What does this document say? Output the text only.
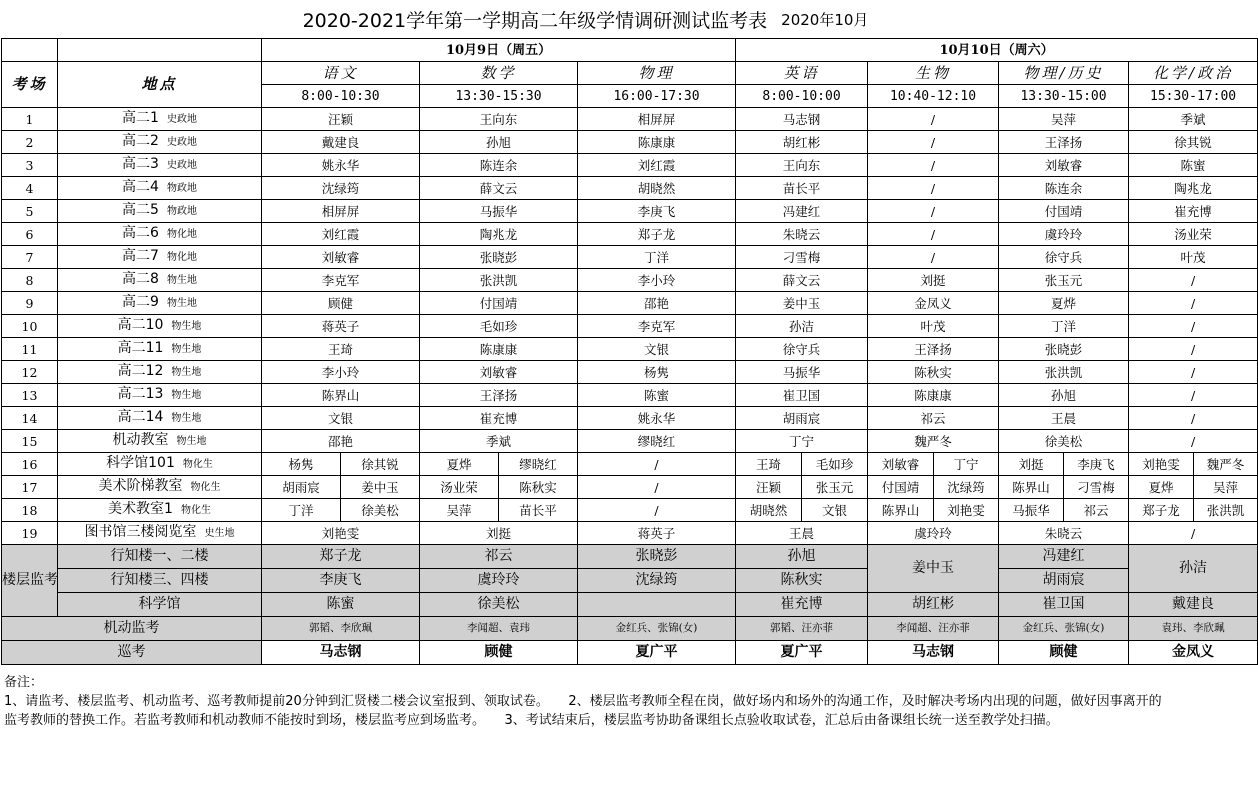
2020-2021学年第一学期高二年级学情调研测试监考表 2020年10月
		10月9日（周五）					10月10日（周六）							
考场	地点	语文		数学		物理	英语		生物		物理/历史		化学/政治	
		8:00-10:30		13:30-15:30		16:00-17:30	8:00-10:00		10:40-12:10		13:30-15:00		15:30-17:00	
1	高二1 史政地	汪颖		王向东		相屏屏	马志钢		/		吴萍		季斌	
2	高二2 史政地	戴建良		孙旭		陈康康	胡红彬		/		王泽扬		徐其锐	
3	高二3 史政地	姚永华		陈连余		刘红霞	王向东		/		刘敏睿		陈蜜	
4	高二4 物政地	沈绿筠		薛文云		胡晓然	苗长平		/		陈连余		陶兆龙	
5	高二5 物政地	相屏屏		马振华		李庚飞	冯建红		/		付国靖		崔充博	
6	高二6 物化地	刘红霞		陶兆龙		郑子龙	朱晓云		/		虞玲玲		汤业荣	
7	高二7 物化地	刘敏睿		张晓彭		丁洋	刁雪梅		/		徐守兵		叶茂	
8	高二8 物生地	李克军		张洪凯		李小玲	薛文云		刘挺		张玉元		/	
9	高二9 物生地	顾健		付国靖		邵艳	姜中玉		金凤义		夏烨		/	
10	高二10 物生地	蒋英子		毛如珍		李克军	孙洁		叶茂		丁洋		/	
11	高二11 物生地	王琦		陈康康		文银	徐守兵		王泽扬		张晓彭		/	
12	高二12 物生地	李小玲		刘敏睿		杨隽	马振华		陈秋实		张洪凯		/	
13	高二13 物生地	陈界山		王泽扬		陈蜜	崔卫国		陈康康		孙旭		/	
14	高二14 物生地	文银		崔充博		姚永华	胡雨宸		祁云		王晨		/	
15	机动教室 物生地	邵艳		季斌		缪晓红	丁宁		魏严冬		徐美松		/	
16	科学馆101 物化生	杨隽	徐其锐	夏烨	缪晓红	/	王琦	毛如珍	刘敏睿	丁宁	刘挺	李庚飞	刘艳雯	魏严冬
17	美术阶梯教室 物化生	胡雨宸	姜中玉	汤业荣	陈秋实	/	汪颖	张玉元	付国靖	沈绿筠	陈界山	刁雪梅	夏烨	吴萍
18	美术教室1 物化生	丁洋	徐美松	吴萍	苗长平	/	胡晓然	文银	陈界山	刘艳雯	马振华	祁云	郑子龙	张洪凯
19	图书馆三楼阅览室 史生地	刘艳雯		刘挺		蒋英子	王晨		虞玲玲		朱晓云		/	
楼层监考	行知楼一、二楼	郑子龙		祁云		张晓彭	孙旭		姜中玉		冯建红		孙洁	
	行知楼三、四楼	李庚飞		虞玲玲		沈绿筠	陈秋实				胡雨宸			
	科学馆	陈蜜		徐美松			崔充博		胡红彬		崔卫国		戴建良	
机动监考		郭韬、李欣珮		李闻超、袁玮		金红兵、张锦(女)	郭韬、汪亦菲		李闻超、汪亦菲		金红兵、张锦(女)		袁玮、李欣珮	
巡考		马志钢		顾健		夏广平	夏广平		马志钢		顾健		金凤义	
备注：
1、请监考、楼层监考、机动监考、巡考教师提前20分钟到汇贤楼二楼会议室报到、领取试卷。　　2、楼层监考教师全程在岗，做好场内和场外的沟通工作，及时解决考场内出现的问题，做好因事离开的监考教师的替换工作。若监考教师和机动教师不能按时到场，楼层监考应到场监考。　　3、考试结束后，楼层监考协助备课组长点验收取试卷，汇总后由备课组长统一送至教学处扫描。
